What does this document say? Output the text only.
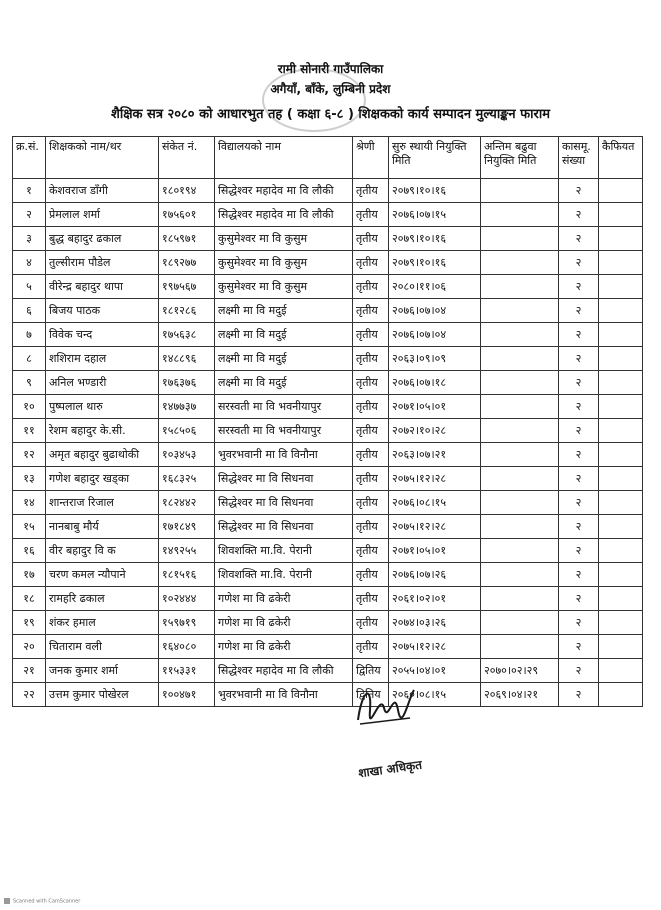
रामी सोनारी गाउँपालिका
अगैयाँ, बाँके, लुम्बिनी प्रदेश
शैक्षिक सत्र २०८० को आधारभुत तह ( कक्षा ६-८ ) शिक्षकको कार्य सम्पादन मुल्याङ्कन फाराम
क्र.सं.	शिक्षकको नाम/थर	संकेत नं.	विद्यालयको नाम	श्रेणी	सुरु स्थायी नियुक्ति मिति	अन्तिम बढुवा नियुक्ति मिति	कासमू. संख्या	कैफियत
१	केशवराज डाँगी	१८०१९४	सिद्धेश्वर महादेव मा वि लौकी	तृतीय	२०७९।१०।१६		२	
२	प्रेमलाल शर्मा	१७५६०१	सिद्धेश्वर महादेव मा वि लौकी	तृतीय	२०७६।०७।१५		२	
३	बुद्ध बहादुर ढकाल	१८५९७१	कुसुमेश्वर मा वि कुसुम	तृतीय	२०७९।१०।१६		२	
४	तुल्सीराम पौडेल	१८९२७७	कुसुमेश्वर मा वि कुसुम	तृतीय	२०७९।१०।१६		२	
५	वीरेन्द्र बहादुर थापा	१९७५६७	कुसुमेश्वर मा वि कुसुम	तृतीय	२०८०।११।०६		२	
६	बिजय पाठक	१८१२८६	लक्ष्मी मा वि मदुई	तृतीय	२०७६।०७।०४		२	
७	विवेक चन्द	१७५६३८	लक्ष्मी मा वि मदुई	तृतीय	२०७६।०७।०४		२	
८	शशिराम दहाल	१४८८९६	लक्ष्मी मा वि मदुई	तृतीय	२०६३।०९।०९		२	
९	अनिल भण्डारी	१७६३७६	लक्ष्मी मा वि मदुई	तृतीय	२०७६।०७।१८		२	
१०	पुष्पलाल थारु	१४७७३७	सरस्वती मा वि भवनीयापुर	तृतीय	२०७१।०५।०१		२	
११	रेशम बहादुर के.सी.	१५८५०६	सरस्वती मा वि भवनीयापुर	तृतीय	२०७२।१०।२८		२	
१२	अमृत बहादुर बुढाथोकी	१०३४५३	भुवरभवानी मा वि विनौना	तृतीय	२०६३।०७।२१		२	
१३	गणेश बहादुर खड्का	१६८३२५	सिद्धेश्वर मा वि सिधनवा	तृतीय	२०७५।१२।२८		२	
१४	शान्तराज रिजाल	१८२४४२	सिद्धेश्वर मा वि सिधनवा	तृतीय	२०७६।०८।१५		२	
१५	नानबाबु मौर्य	१७१८४९	सिद्धेश्वर मा वि सिधनवा	तृतीय	२०७५।१२।२८		२	
१६	वीर बहादुर वि क	१४९२५५	शिवशक्ति मा.वि. पेरानी	तृतीय	२०७१।०५।०१		२	
१७	चरण कमल न्यौपाने	१८१५१६	शिवशक्ति मा.वि. पेरानी	तृतीय	२०७६।०७।२६		२	
१८	रामहरि ढकाल	१०२४४४	गणेश मा वि ढकेरी	तृतीय	२०६१।०२।०१		२	
१९	शंकर हमाल	१५९७१९	गणेश मा वि ढकेरी	तृतीय	२०७४।०३।२६		२	
२०	चिताराम वली	१६४०८०	गणेश मा वि ढकेरी	तृतीय	२०७५।१२।२८		२	
२१	जनक कुमार शर्मा	११५३३१	सिद्धेश्वर महादेव मा वि लौकी	द्वितिय	२०५५।०४।०१	२०७०।०२।२९	२	
२२	उत्तम कुमार पोखेरल	१००४७१	भुवरभवानी मा वि विनौना	द्वितिय	२०६०।०८।१५	२०६९।०४।२१	२	
शाखा अधिकृत
Scanned with CamScanner
